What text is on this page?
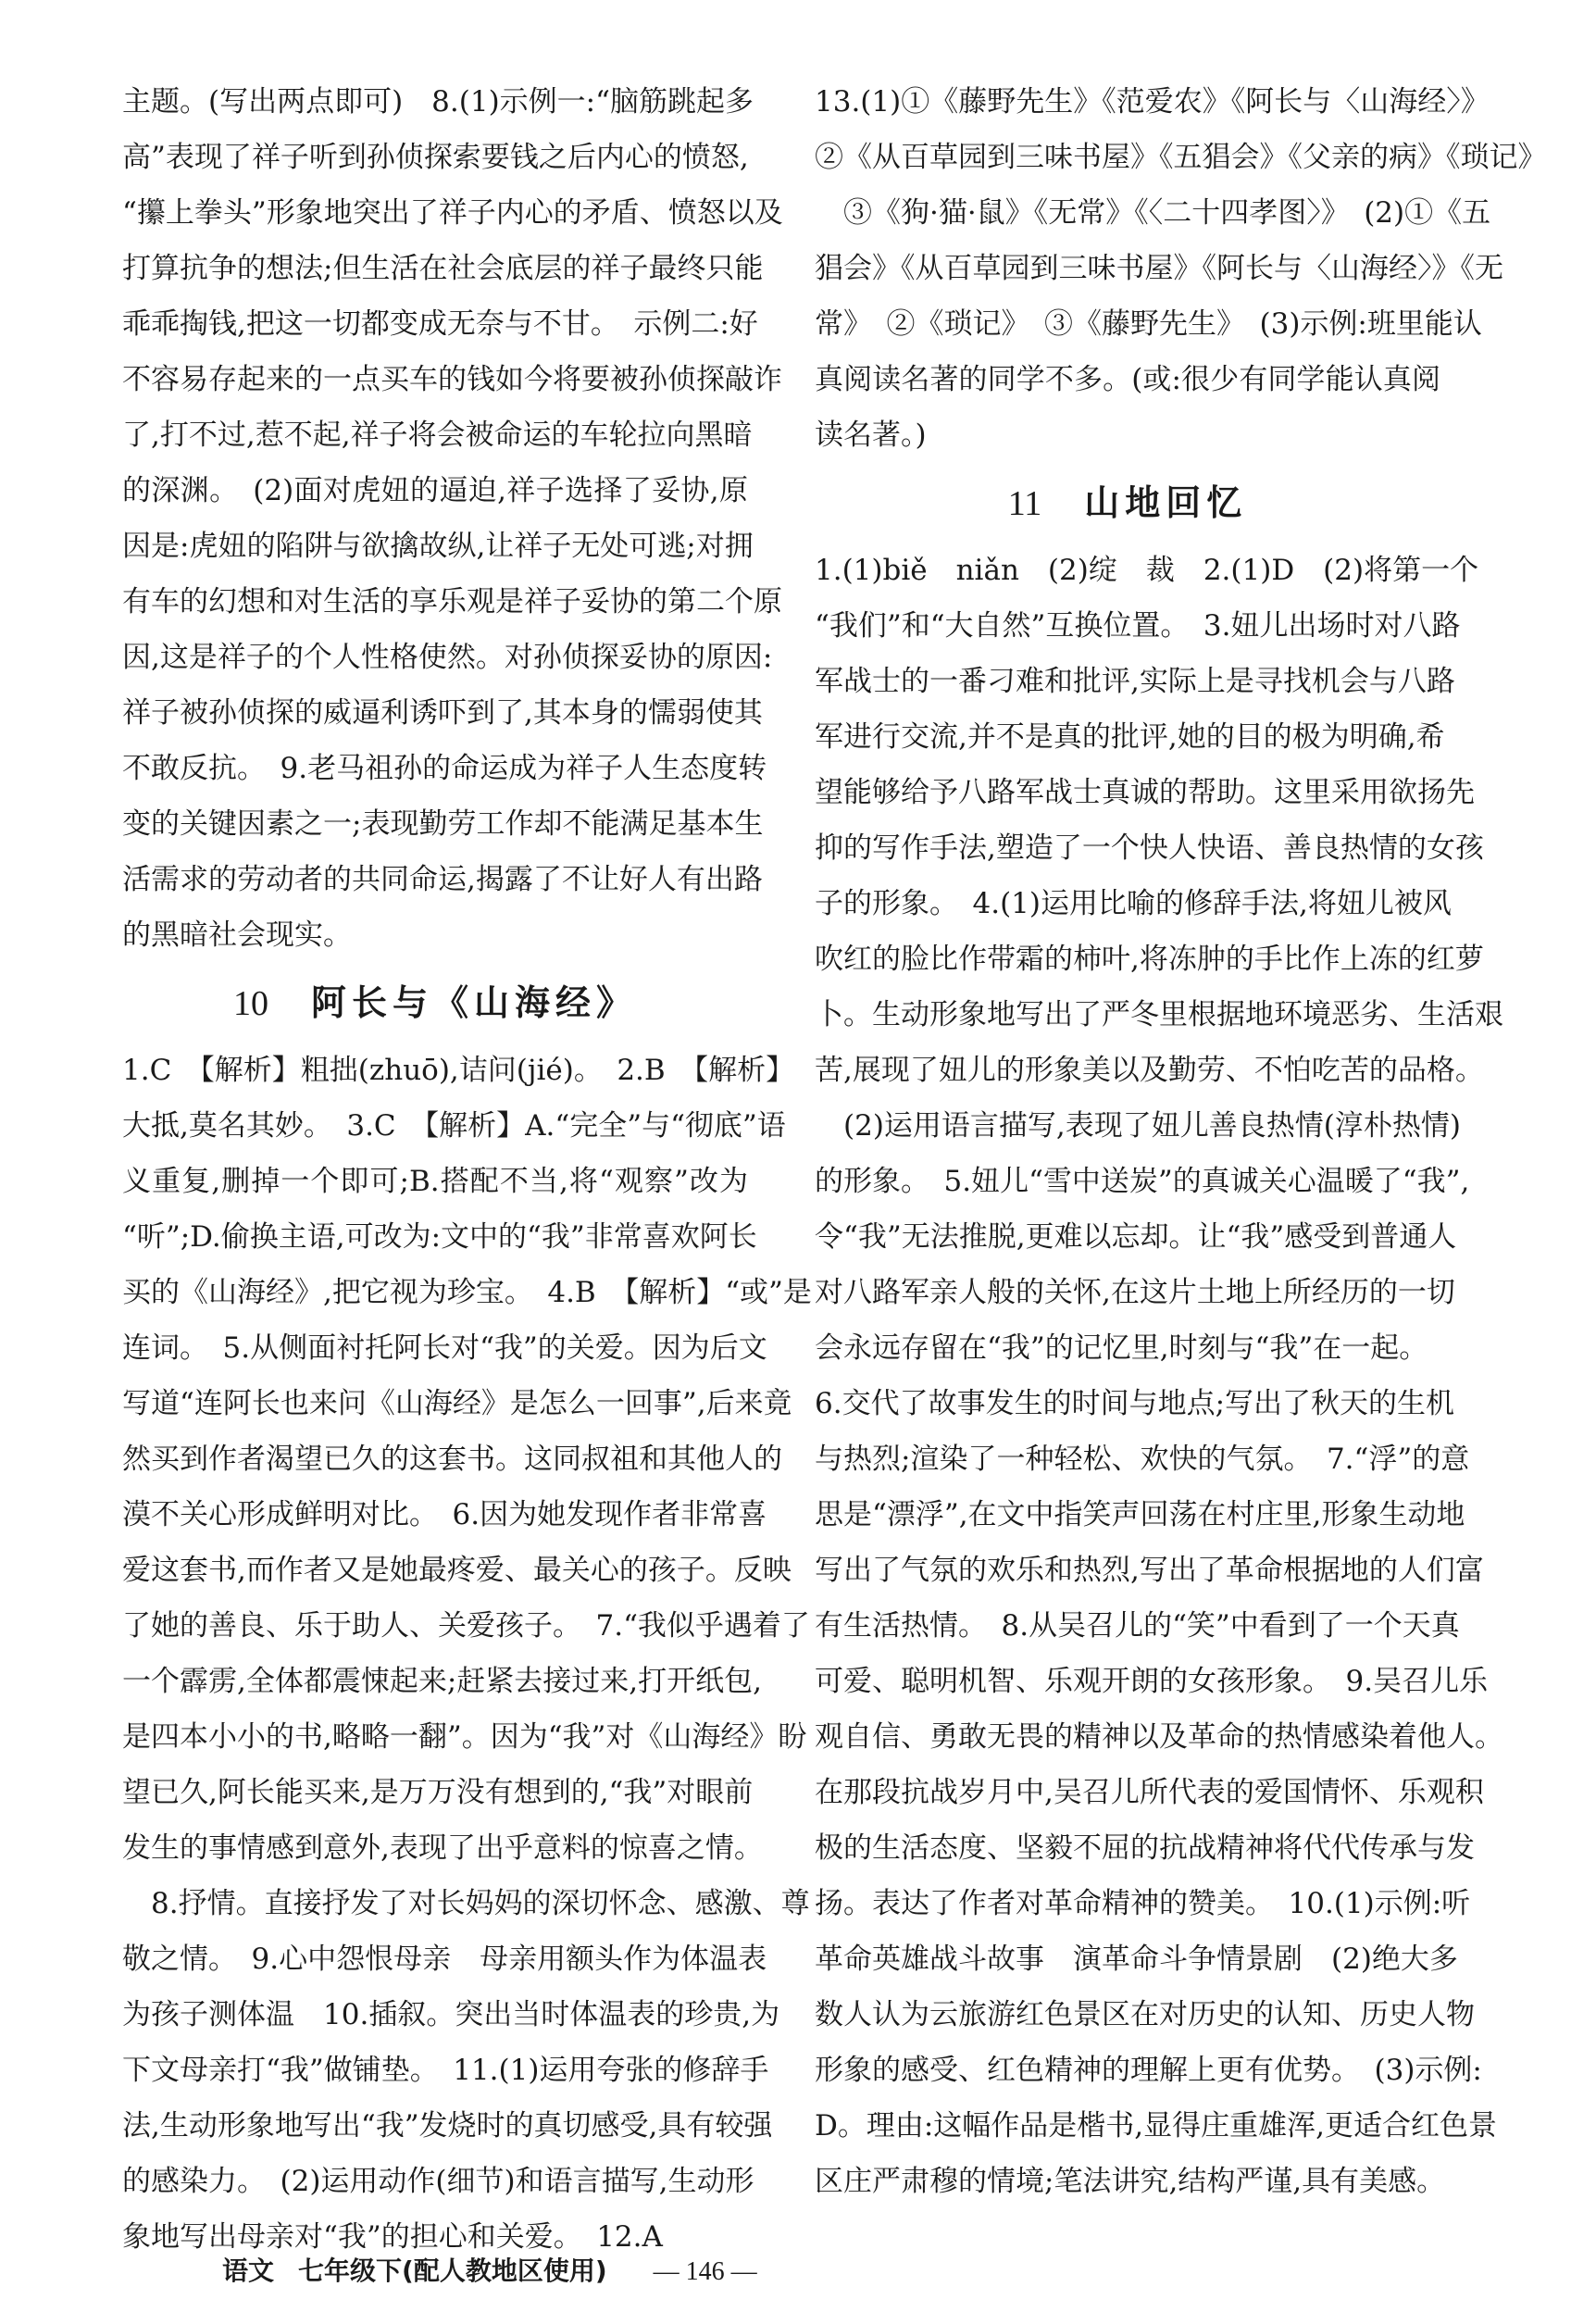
主题。(写出两点即可)　8.(1)示例一:“脑筋跳起多
高”表现了祥子听到孙侦探索要钱之后内心的愤怒,
“攥上拳头”形象地突出了祥子内心的矛盾、愤怒以及
打算抗争的想法;但生活在社会底层的祥子最终只能
乖乖掏钱,把这一切都变成无奈与不甘。　示例二:好
不容易存起来的一点买车的钱如今将要被孙侦探敲诈
了,打不过,惹不起,祥子将会被命运的车轮拉向黑暗
的深渊。　(2)面对虎妞的逼迫,祥子选择了妥协,原
因是:虎妞的陷阱与欲擒故纵,让祥子无处可逃;对拥
有车的幻想和对生活的享乐观是祥子妥协的第二个原
因,这是祥子的个人性格使然。对孙侦探妥协的原因:
祥子被孙侦探的威逼利诱吓到了,其本身的懦弱使其
不敢反抗。　9.老马祖孙的命运成为祥子人生态度转
变的关键因素之一;表现勤劳工作却不能满足基本生
活需求的劳动者的共同命运,揭露了不让好人有出路
的黑暗社会现实。
10 阿长与《山海经》
1.C　【解析】粗拙(zhuō),诘问(jié)。　2.B　【解析】
大抵,莫名其妙。　3.C　【解析】A.“完全”与“彻底”语
义重复,删掉一个即可;B.搭配不当,将“观察”改为
“听”;D.偷换主语,可改为:文中的“我”非常喜欢阿长
买的《山海经》,把它视为珍宝。　4.B　【解析】“或”是
连词。　5.从侧面衬托阿长对“我”的关爱。因为后文
写道“连阿长也来问《山海经》是怎么一回事”,后来竟
然买到作者渴望已久的这套书。这同叔祖和其他人的
漠不关心形成鲜明对比。　6.因为她发现作者非常喜
爱这套书,而作者又是她最疼爱、最关心的孩子。反映
了她的善良、乐于助人、关爱孩子。　7.“我似乎遇着了
一个霹雳,全体都震悚起来;赶紧去接过来,打开纸包,
是四本小小的书,略略一翻”。因为“我”对《山海经》盼
望已久,阿长能买来,是万万没有想到的,“我”对眼前
发生的事情感到意外,表现了出乎意料的惊喜之情。
　8.抒情。直接抒发了对长妈妈的深切怀念、感激、尊
敬之情。　9.心中怨恨母亲　母亲用额头作为体温表
为孩子测体温　10.插叙。突出当时体温表的珍贵,为
下文母亲打“我”做铺垫。　11.(1)运用夸张的修辞手
法,生动形象地写出“我”发烧时的真切感受,具有较强
的感染力。　(2)运用动作(细节)和语言描写,生动形
象地写出母亲对“我”的担心和关爱。　12.A
13.(1)①《藤野先生》《范爱农》《阿长与〈山海经〉》
②《从百草园到三味书屋》《五猖会》《父亲的病》《琐记》
　③《狗·猫·鼠》《无常》《〈二十四孝图〉》　(2)①《五
猖会》《从百草园到三味书屋》《阿长与〈山海经〉》《无
常》　②《琐记》　③《藤野先生》　(3)示例:班里能认
真阅读名著的同学不多。(或:很少有同学能认真阅
读名著。)
11 山地回忆
1.(1)biě　niǎn　(2)绽　裁　2.(1)D　(2)将第一个
“我们”和“大自然”互换位置。　3.妞儿出场时对八路
军战士的一番刁难和批评,实际上是寻找机会与八路
军进行交流,并不是真的批评,她的目的极为明确,希
望能够给予八路军战士真诚的帮助。这里采用欲扬先
抑的写作手法,塑造了一个快人快语、善良热情的女孩
子的形象。　4.(1)运用比喻的修辞手法,将妞儿被风
吹红的脸比作带霜的柿叶,将冻肿的手比作上冻的红萝
卜。生动形象地写出了严冬里根据地环境恶劣、生活艰
苦,展现了妞儿的形象美以及勤劳、不怕吃苦的品格。
　(2)运用语言描写,表现了妞儿善良热情(淳朴热情)
的形象。　5.妞儿“雪中送炭”的真诚关心温暖了“我”,
令“我”无法推脱,更难以忘却。让“我”感受到普通人
对八路军亲人般的关怀,在这片土地上所经历的一切
会永远存留在“我”的记忆里,时刻与“我”在一起。
6.交代了故事发生的时间与地点;写出了秋天的生机
与热烈;渲染了一种轻松、欢快的气氛。　7.“浮”的意
思是“漂浮”,在文中指笑声回荡在村庄里,形象生动地
写出了气氛的欢乐和热烈,写出了革命根据地的人们富
有生活热情。　8.从吴召儿的“笑”中看到了一个天真
可爱、聪明机智、乐观开朗的女孩形象。　9.吴召儿乐
观自信、勇敢无畏的精神以及革命的热情感染着他人。
在那段抗战岁月中,吴召儿所代表的爱国情怀、乐观积
极的生活态度、坚毅不屈的抗战精神将代代传承与发
扬。表达了作者对革命精神的赞美。　10.(1)示例:听
革命英雄战斗故事　演革命斗争情景剧　(2)绝大多
数人认为云旅游红色景区在对历史的认知、历史人物
形象的感受、红色精神的理解上更有优势。　(3)示例:
D。理由:这幅作品是楷书,显得庄重雄浑,更适合红色景
区庄严肃穆的情境;笔法讲究,结构严谨,具有美感。
语文 七年级下(配人教地区使用) — 146 —
